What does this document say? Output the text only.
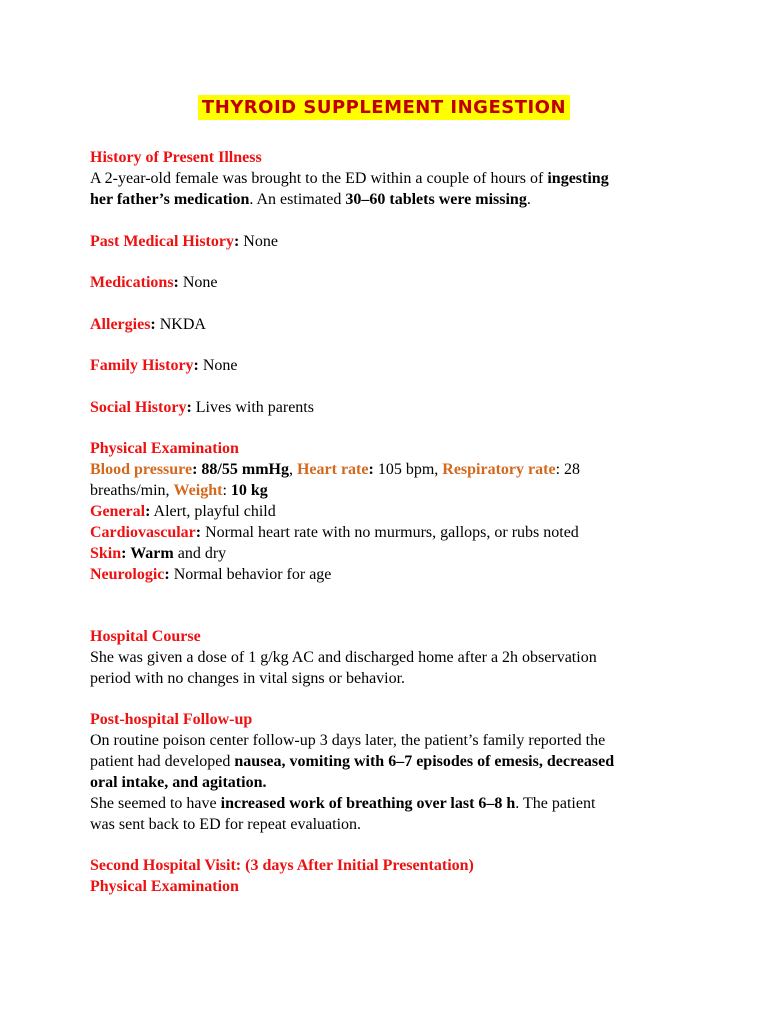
THYROID SUPPLEMENT INGESTION
History of Present Illness
A 2-year-old female was brought to the ED within a couple of hours of ingesting
her father’s medication. An estimated 30–60 tablets were missing.
Past Medical History: None
Medications: None
Allergies: NKDA
Family History: None
Social History: Lives with parents
Physical Examination
Blood pressure: 88/55 mmHg, Heart rate: 105 bpm, Respiratory rate: 28
breaths/min, Weight: 10 kg
General: Alert, playful child
Cardiovascular: Normal heart rate with no murmurs, gallops, or rubs noted
Skin: Warm and dry
Neurologic: Normal behavior for age
Hospital Course
She was given a dose of 1 g/kg AC and discharged home after a 2h observation
period with no changes in vital signs or behavior.
Post-hospital Follow-up
On routine poison center follow-up 3 days later, the patient’s family reported the
patient had developed nausea, vomiting with 6–7 episodes of emesis, decreased
oral intake, and agitation.
She seemed to have increased work of breathing over last 6–8 h. The patient
was sent back to ED for repeat evaluation.
Second Hospital Visit: (3 days After Initial Presentation)
Physical Examination
